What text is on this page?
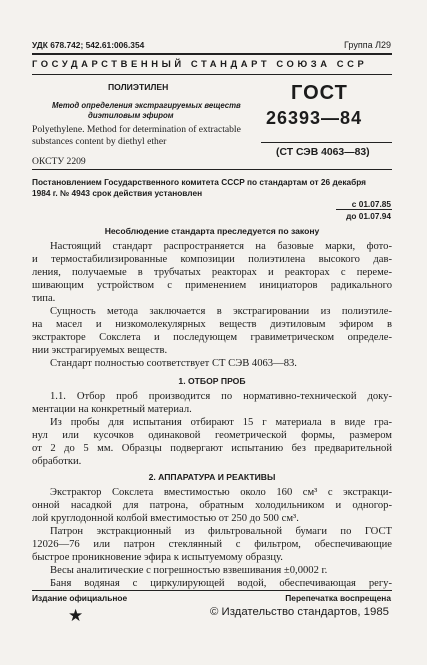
УДК 678.742; 542.61:006.354	Группа Л29
ГОСУДАРСТВЕННЫЙ СТАНДАРТ СОЮЗА ССР
ПОЛИЭТИЛЕН
Метод определения экстрагируемых веществ
диэтиловым эфиром
Polyethylene. Method for determination of extractable
substances content by diethyl ether
ОКСТУ 2209
ГОСТ
26393—84
(СТ СЭВ 4063—83)
Постановлением Государственного комитета СССР по стандартам от 26 декабря
1984 г. № 4943 срок действия установлен
с 01.07.85
до 01.07.94
Несоблюдение стандарта преследуется по закону
Настоящий стандарт распространяется на базовые марки, фото-
и термостабилизированные композиции полиэтилена высокого дав-
ления, получаемые в трубчатых реакторах и реакторах с переме-
шивающим устройством с применением инициаторов радикального
типа.
Сущность метода заключается в экстрагировании из полиэтиле-
на масел и низкомолекулярных веществ диэтиловым эфиром в
экстракторе Сокслета и последующем гравиметрическом определе-
нии экстрагируемых веществ.
Стандарт полностью соответствует СТ СЭВ 4063—83.
1. ОТБОР ПРОБ
1.1. Отбор проб производится по нормативно-технической доку-
ментации на конкретный материал.
Из пробы для испытания отбирают 15 г материала в виде гра-
нул или кусочков одинаковой геометрической формы, размером
от 2 до 5 мм. Образцы подвергают испытанию без предварительной
обработки.
2. АППАРАТУРА И РЕАКТИВЫ
Экстрактор Сокслета вместимостью около 160 см³ с экстракци-
онной насадкой для патрона, обратным холодильником и одногор-
лой круглодонной колбой вместимостью от 250 до 500 см³.
Патрон экстракционный из фильтровальной бумаги по ГОСТ
12026—76 или патрон стеклянный с фильтром, обеспечивающие
быстрое проникновение эфира к испытуемому образцу.
Весы аналитические с погрешностью взвешивания ±0,0002 г.
Баня водяная с циркулирующей водой, обеспечивающая регу-
Издание официальное	Перепечатка воспрещена
★	© Издательство стандартов, 1985
